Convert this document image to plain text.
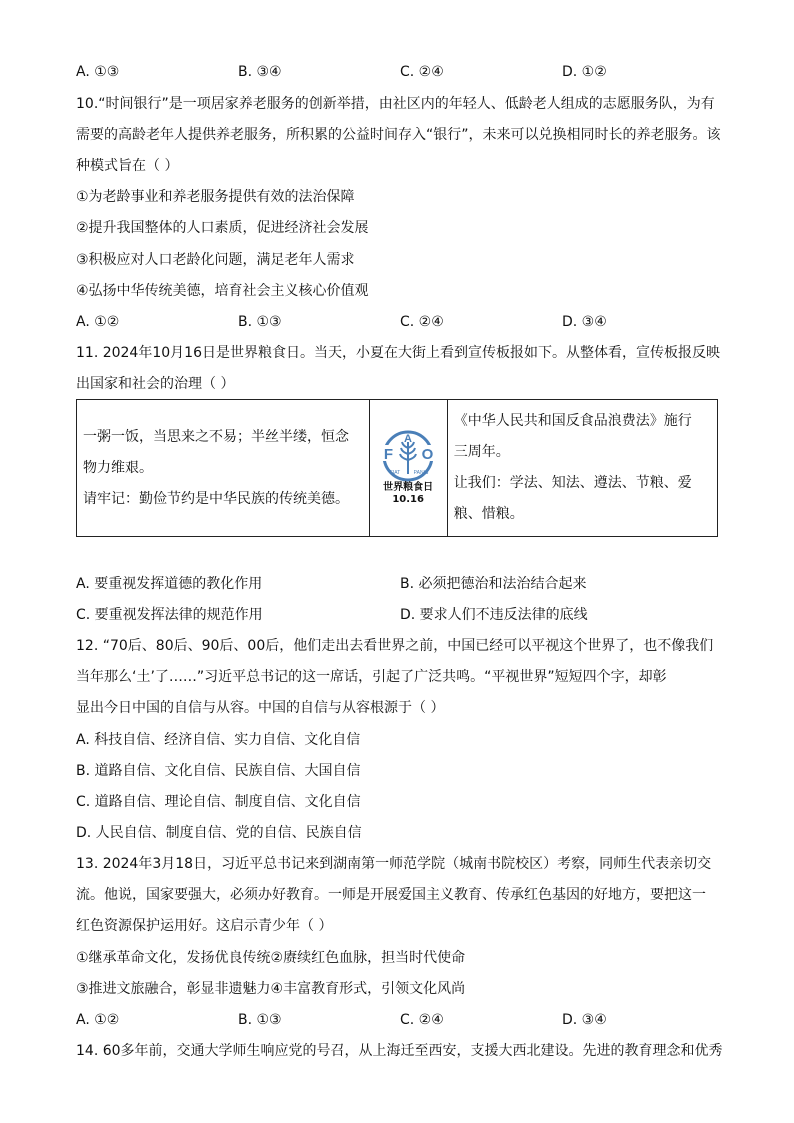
A. ①③	B. ③④	C. ②④	D. ①②
10.“时间银行”是一项居家养老服务的创新举措，由社区内的年轻人、低龄老人组成的志愿服务队，为有
需要的高龄老年人提供养老服务，所积累的公益时间存入“银行”，未来可以兑换相同时长的养老服务。该
种模式旨在（ ）
①为老龄事业和养老服务提供有效的法治保障
②提升我国整体的人口素质，促进经济社会发展
③积极应对人口老龄化问题，满足老年人需求
④弘扬中华传统美德，培育社会主义核心价值观
A. ①②	B. ①③	C. ②④	D. ③④
11. 2024年10月16日是世界粮食日。当天，小夏在大街上看到宣传板报如下。从整体看，宣传板报反映
出国家和社会的治理（ ）
一粥一饭，当思来之不易；半丝半缕，恒念
物力维艰。
请牢记：勤俭节约是中华民族的传统美德。

F
A
O
FIAT	PANIS
世界粮食日
10.16

《中华人民共和国反食品浪费法》施行
三周年。
让我们：学法、知法、遵法、节粮、爱
粮、惜粮。
A. 要重视发挥道德的教化作用	B. 必须把德治和法治结合起来
C. 要重视发挥法律的规范作用	D. 要求人们不违反法律的底线
12. “70后、80后、90后、00后，他们走出去看世界之前，中国已经可以平视这个世界了，也不像我们
当年那么‘土’了……”习近平总书记的这一席话，引起了广泛共鸣。“平视世界”短短四个字，却彰
显出今日中国的自信与从容。中国的自信与从容根源于（ ）
A. 科技自信、经济自信、实力自信、文化自信
B. 道路自信、文化自信、民族自信、大国自信
C. 道路自信、理论自信、制度自信、文化自信
D. 人民自信、制度自信、党的自信、民族自信
13. 2024年3月18日，习近平总书记来到湖南第一师范学院（城南书院校区）考察，同师生代表亲切交
流。他说，国家要强大，必须办好教育。一师是开展爱国主义教育、传承红色基因的好地方，要把这一
红色资源保护运用好。这启示青少年（ ）
①继承革命文化，发扬优良传统②赓续红色血脉，担当时代使命
③推进文旅融合，彰显非遗魅力④丰富教育形式，引领文化风尚
A. ①②	B. ①③	C. ②④	D. ③④
14. 60多年前，交通大学师生响应党的号召，从上海迁至西安，支援大西北建设。先进的教育理念和优秀
